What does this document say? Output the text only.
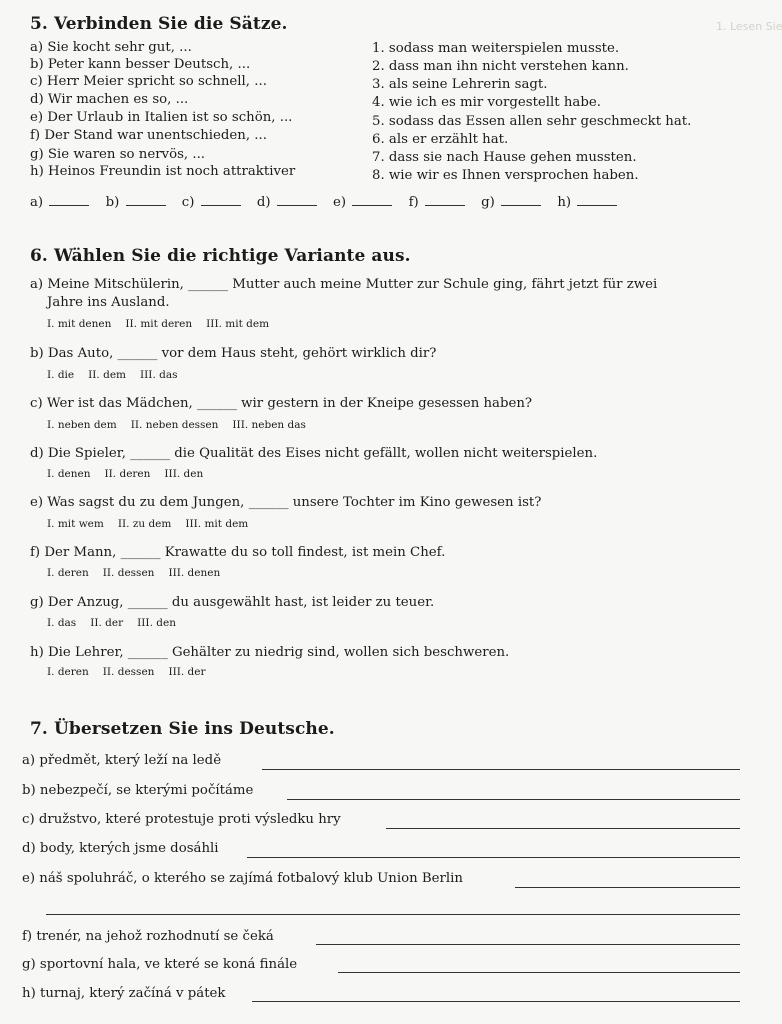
1. Lesen Sie
5. Verbinden Sie die Sätze.
a) Sie kocht sehr gut, ...
b) Peter kann besser Deutsch, ...
c) Herr Meier spricht so schnell, ...
d) Wir machen es so, ...
e) Der Urlaub in Italien ist so schön, ...
f) Der Stand war unentschieden, ...
g) Sie waren so nervös, ...
h) Heinos Freundin ist noch attraktiver
1. sodass man weiterspielen musste.
2. dass man ihn nicht verstehen kann.
3. als seine Lehrerin sagt.
4. wie ich es mir vorgestellt habe.
5. sodass das Essen allen sehr geschmeckt hat.
6. als er erzählt hat.
7. dass sie nach Hause gehen mussten.
8. wie wir es Ihnen versprochen haben.
a)	b)	c)	d)	e)	f)	g)	h)
6. Wählen Sie die richtige Variante aus.
a) Meine Mitschülerin, ______ Mutter auch meine Mutter zur Schule ging, fährt jetzt für zwei
Jahre ins Ausland.
I. mit denen II. mit deren III. mit dem
b) Das Auto, ______ vor dem Haus steht, gehört wirklich dir?
I. die II. dem III. das
c) Wer ist das Mädchen, ______ wir gestern in der Kneipe gesessen haben?
I. neben dem II. neben dessen III. neben das
d) Die Spieler, ______ die Qualität des Eises nicht gefällt, wollen nicht weiterspielen.
I. denen II. deren III. den
e) Was sagst du zu dem Jungen, ______ unsere Tochter im Kino gewesen ist?
I. mit wem II. zu dem III. mit dem
f) Der Mann, ______ Krawatte du so toll findest, ist mein Chef.
I. deren II. dessen III. denen
g) Der Anzug, ______ du ausgewählt hast, ist leider zu teuer.
I. das II. der III. den
h) Die Lehrer, ______ Gehälter zu niedrig sind, wollen sich beschweren.
I. deren II. dessen III. der
7. Übersetzen Sie ins Deutsche.
a) předmět, který leží na ledě
b) nebezpečí, se kterými počítáme
c) družstvo, které protestuje proti výsledku hry
d) body, kterých jsme dosáhli
e) náš spoluhráč, o kterého se zajímá fotbalový klub Union Berlin
f) trenér, na jehož rozhodnutí se čeká
g) sportovní hala, ve které se koná finále
h) turnaj, který začíná v pátek
